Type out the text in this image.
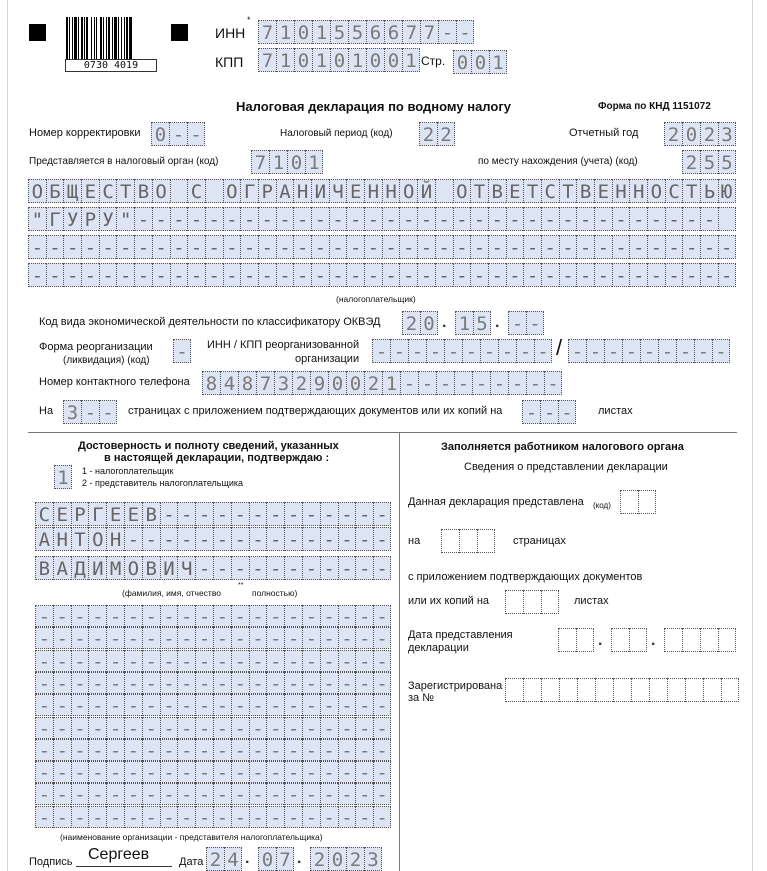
0730 4019
ИНН
*
7 1 0 1 5 5 6 6 7 7 - -
КПП 7 1 0 1 0 1 0 0 1 Стр. 0 0 1
Налоговая декларация по водному налогу	Форма по КНД 1151072
Номер корректировки 0 - -	Налоговый период (код) 2 2	Отчетный год 2 0 2 3
Представляется в налоговый орган (код) 7 1 0 1	по месту нахождения (учета) (код)	2 5 5
О Б Щ Е С Т В О С О Г Р А Н И Ч Е Н Н О Й О Т В Е Т С Т В Е Н Н О С Т Ь Ю
" Г У Р У " - - - - - - - - - - - - - - - - - - - - - - - - - - - - - - - - -
- - - - - - - - - - - - - - - - - - - - - - - - - - - - - - - - - - - - - - - -
- - - - - - - - - - - - - - - - - - - - - - - - - - - - - - - - - - - - - - - -
(налогоплательщик)
Код вида экономической деятельности по классификатору ОКВЭД 2 0 . 1 5 . - -
Форма реорганизации
(ликвидация) (код) - ИНН / КПП реорганизованной
организации - - - - - - - - - - / - - - - - - - - -
Номер контактного телефона 8 4 8 7 3 2 9 0 0 2 1 - - - - - - - - -
На 3 - - страницах с приложением подтверждающих документов или их копий на - - - листах
Достоверность и полноту сведений, указанных
в настоящей декларации, подтверждаю :
1	1 - налогоплательщик
2 - представитель налогоплательщика
С Е Р Г Е Е В - - - - - - - - - - - - -
А Н Т О Н - - - - - - - - - - - - - - -
В А Д И М О В И Ч - - - - - - - - - - -
(фамилия, имя, отчество
**
полностью)
- - - - - - - - - - - - - - - - - - - -
- - - - - - - - - - - - - - - - - - - -
- - - - - - - - - - - - - - - - - - - -
- - - - - - - - - - - - - - - - - - - -
- - - - - - - - - - - - - - - - - - - -
- - - - - - - - - - - - - - - - - - - -
- - - - - - - - - - - - - - - - - - - -
- - - - - - - - - - - - - - - - - - - -
- - - - - - - - - - - - - - - - - - - -
- - - - - - - - - - - - - - - - - - - -
(наименование организации - представителя налогоплательщика)
Подпись Сергеев	Дата 2 4 . 0 7 . 2 0 2 3
Заполняется работником налогового органа
Сведения о представлении декларации
Данная декларация представлена (код)
на	страницах
с приложением подтверждающих документов
или их копий на	листах
Дата представления
декларации	.	.
Зарегистрирована
за №
